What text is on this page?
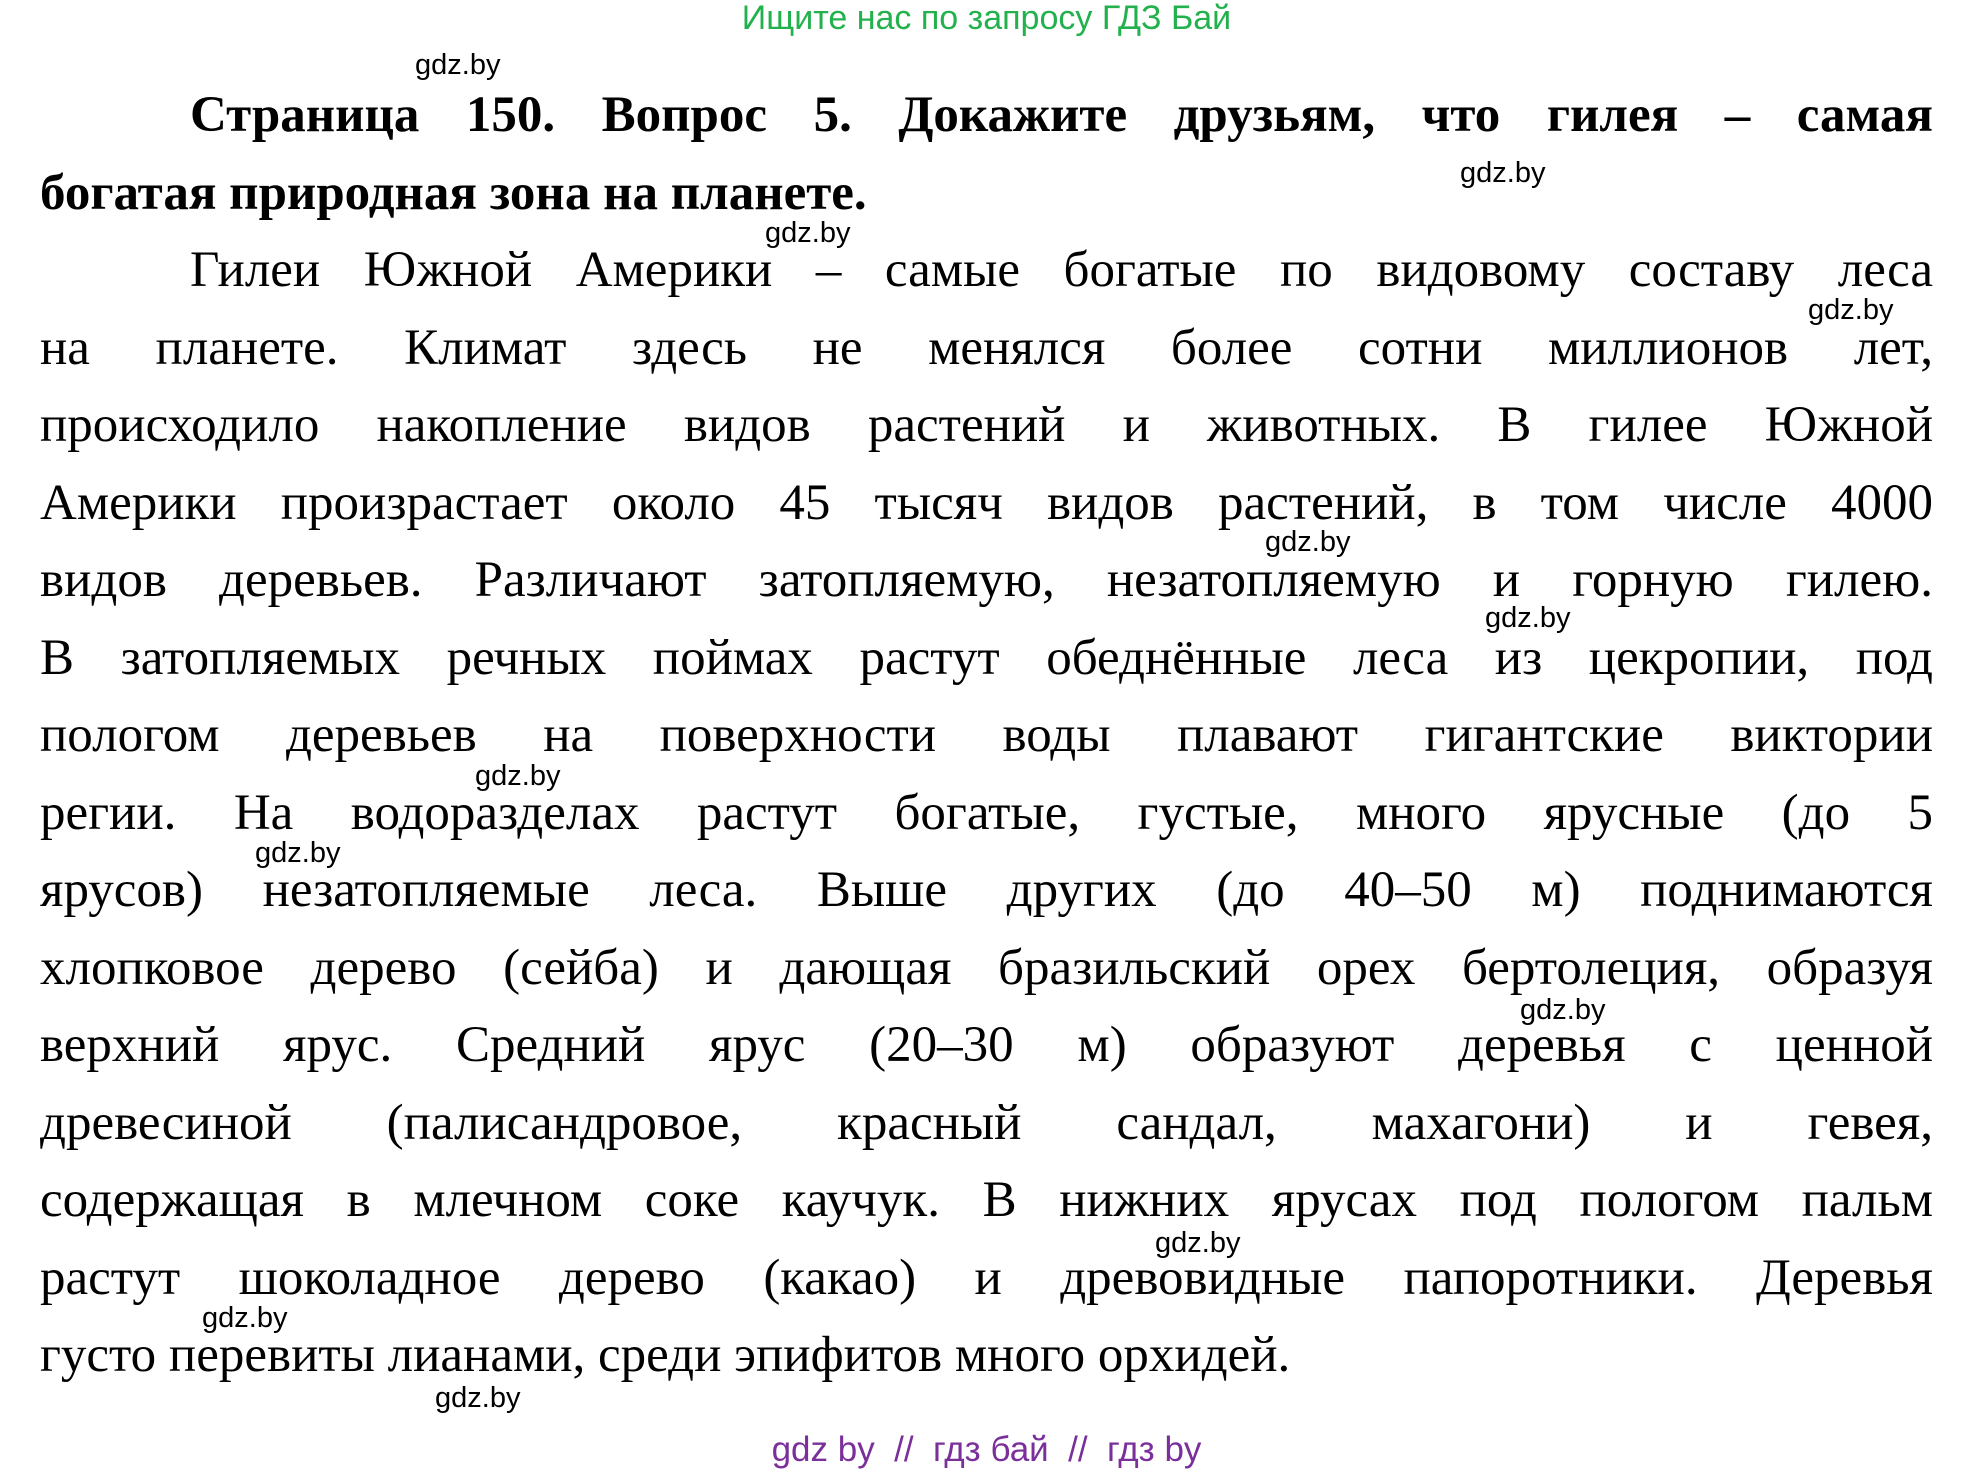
Ищите нас по запросу ГДЗ Бай
Страница 150. Вопрос 5. Докажите друзьям, что гилея – самая
богатая природная зона на планете.
Гилеи Южной Америки – самые богатые по видовому составу леса
на планете. Климат здесь не менялся более сотни миллионов лет,
происходило накопление видов растений и животных. В гилее Южной
Америки произрастает около 45 тысяч видов растений, в том числе 4000
видов деревьев. Различают затопляемую, незатопляемую и горную гилею.
В затопляемых речных поймах растут обеднённые леса из цекропии, под
пологом деревьев на поверхности воды плавают гигантские виктории
регии. На водоразделах растут богатые, густые, много ярусные (до 5
ярусов) незатопляемые леса. Выше других (до 40–50 м) поднимаются
хлопковое дерево (сейба) и дающая бразильский орех бертолеция, образуя
верхний ярус. Средний ярус (20–30 м) образуют деревья с ценной
древесиной (палисандровое, красный сандал, махагони) и гевея,
содержащая в млечном соке каучук. В нижних ярусах под пологом пальм
растут шоколадное дерево (какао) и древовидные папоротники. Деревья
густо перевиты лианами, среди эпифитов много орхидей.
gdz.by
gdz.by
gdz.by
gdz.by
gdz.by
gdz.by
gdz.by
gdz.by
gdz.by
gdz.by
gdz.by
gdz.by
gdz by  //  гдз бай  //  гдз by
